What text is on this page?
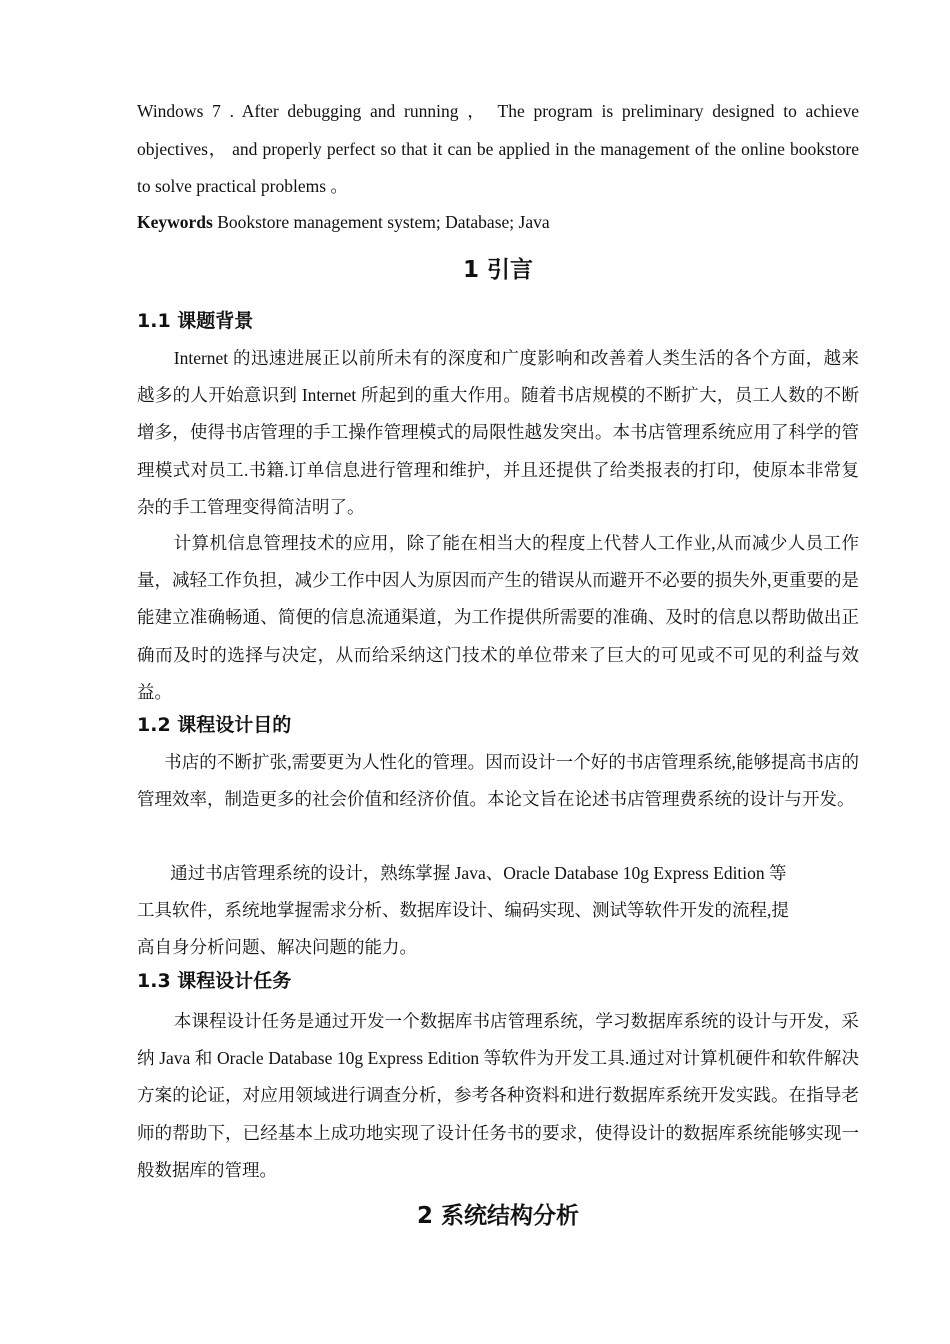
Windows 7 . After debugging and running ， The program is preliminary designed to achieve objectives， and properly perfect so that it can be applied in the management of the online bookstore to solve practical problems 。

Keywords Bookstore management system; Database; Java

1 引言
1.1 课题背景

Internet 的迅速进展正以前所未有的深度和广度影响和改善着人类生活的各个方面，越来越多的人开始意识到 Internet 所起到的重大作用。随着书店规模的不断扩大，员工人数的不断增多，使得书店管理的手工操作管理模式的局限性越发突出。本书店管理系统应用了科学的管理模式对员工.书籍.订单信息进行管理和维护，并且还提供了给类报表的打印，使原本非常复杂的手工管理变得简洁明了。

计算机信息管理技术的应用，除了能在相当大的程度上代替人工作业,从而减少人员工作量，减轻工作负担，减少工作中因人为原因而产生的错误从而避开不必要的损失外,更重要的是能建立准确畅通、简便的信息流通渠道，为工作提供所需要的准确、及时的信息以帮助做出正确而及时的选择与决定，从而给采纳这门技术的单位带来了巨大的可见或不可见的利益与效益。

1.2 课程设计目的

书店的不断扩张,需要更为人性化的管理。因而设计一个好的书店管理系统,能够提高书店的管理效率，制造更多的社会价值和经济价值。本论文旨在论述书店管理费系统的设计与开发。

通过书店管理系统的设计，熟练掌握 Java、Oracle Database 10g Express Edition 等
工具软件，系统地掌握需求分析、数据库设计、编码实现、测试等软件开发的流程,提
高自身分析问题、解决问题的能力。
1.3 课程设计任务

本课程设计任务是通过开发一个数据库书店管理系统，学习数据库系统的设计与开发，采纳 Java 和 Oracle Database 10g Express Edition 等软件为开发工具.通过对计算机硬件和软件解决方案的论证，对应用领域进行调查分析，参考各种资料和进行数据库系统开发实践。在指导老师的帮助下，已经基本上成功地实现了设计任务书的要求，使得设计的数据库系统能够实现一般数据库的管理。

2 系统结构分析
